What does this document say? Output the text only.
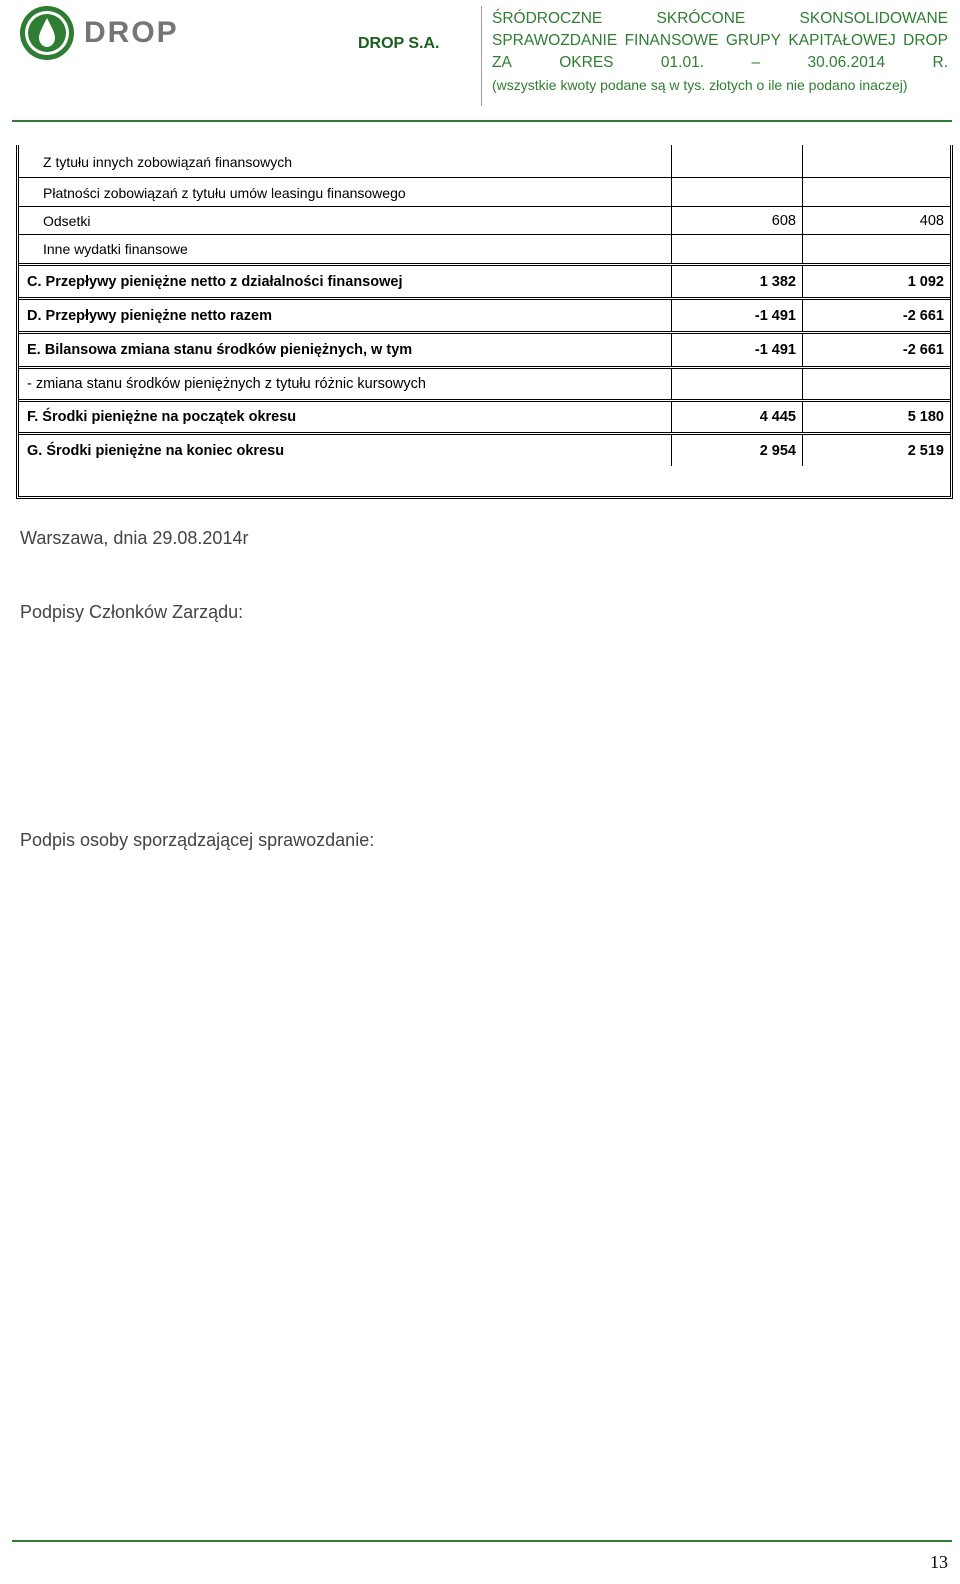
DROP	DROP S.A.
ŚRÓDROCZNE	SKRÓCONE	SKONSOLIDOWANE
SPRAWOZDANIE FINANSOWE GRUPY KAPITAŁOWEJ DROP
ZA	OKRES	01.01.	–	30.06.2014	R.
(wszystkie kwoty podane są w tys. złotych o ile nie podano inaczej)
Z tytułu innych zobowiązań finansowych
Płatności zobowiązań z tytułu umów leasingu finansowego
Odsetki	608	408
Inne wydatki finansowe
C. Przepływy pieniężne netto z działalności finansowej	1 382	1 092
D. Przepływy pieniężne netto razem	-1 491	-2 661
E. Bilansowa zmiana stanu środków pieniężnych, w tym	-1 491	-2 661
- zmiana stanu środków pieniężnych z tytułu różnic kursowych
F. Środki pieniężne na początek okresu	4 445	5 180
G. Środki pieniężne na koniec okresu	2 954	2 519
Warszawa, dnia 29.08.2014r
Podpisy Członków Zarządu:
Podpis osoby sporządzającej sprawozdanie:
13
